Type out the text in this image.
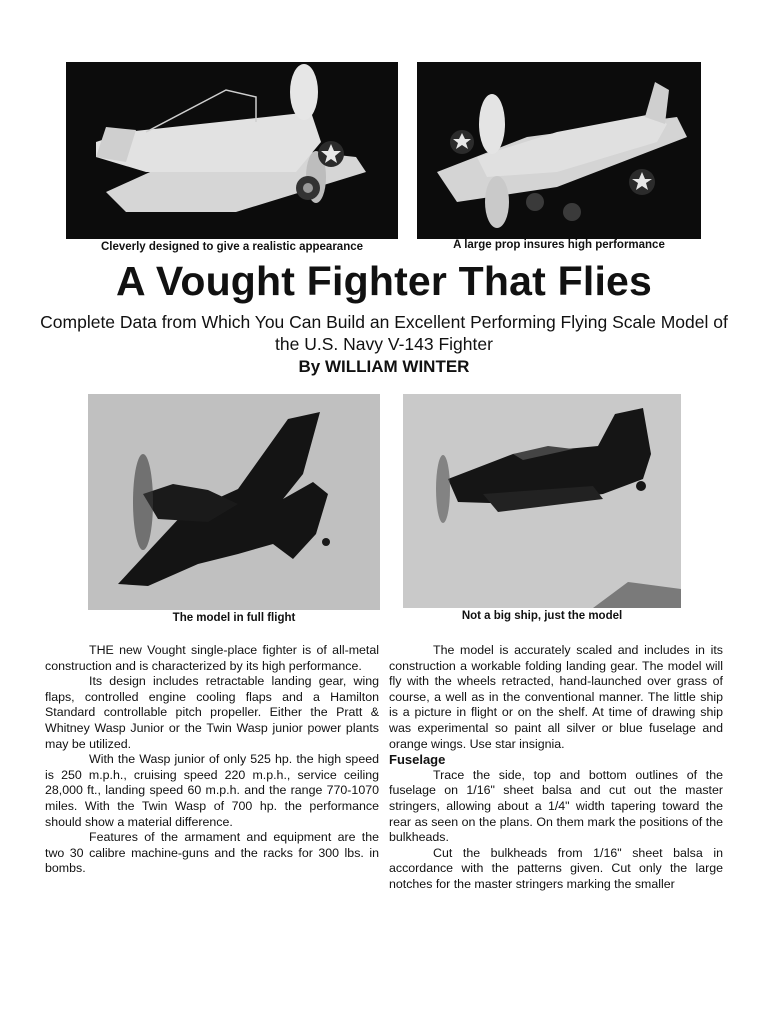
Cleverly designed to give a realistic appearance	A large prop insures high performance
A Vought Fighter That Flies
Complete Data from Which You Can Build an Excellent Performing Flying Scale Model of the U.S. Navy V-143 Fighter
By WILLIAM WINTER
The model in full flight	Not a big ship, just the model

THE new Vought single-place fighter is of all-metal construction and is characterized by its high performance.

Its design includes retractable landing gear, wing flaps, controlled engine cooling flaps and a Hamilton Standard controllable pitch propeller. Either the Pratt & Whitney Wasp Junior or the Twin Wasp junior power plants may be utilized.

With the Wasp junior of only 525 hp. the high speed is 250 m.p.h., cruising speed 220 m.p.h., service ceiling 28,000 ft., landing speed 60 m.p.h. and the range 770-1070 miles. With the Twin Wasp of 700 hp. the performance should show a material difference.

Features of the armament and equipment are the two 30 calibre machine-guns and the racks for 300 lbs. in bombs.

The model is accurately scaled and includes in its construction a workable folding landing gear. The model will fly with the wheels retracted, hand-launched over grass of course, a well as in the conventional manner. The little ship is a picture in flight or on the shelf. At time of drawing ship was experimental so paint all silver or blue fuselage and orange wings. Use star insignia.

Fuselage

Trace the side, top and bottom outlines of the fuselage on 1/16" sheet balsa and cut out the master stringers, allowing about a 1/4" width tapering toward the rear as seen on the plans. On them mark the positions of the bulkheads.

Cut the bulkheads from 1/16" sheet balsa in accordance with the patterns given. Cut only the large notches for the master stringers marking the smaller
